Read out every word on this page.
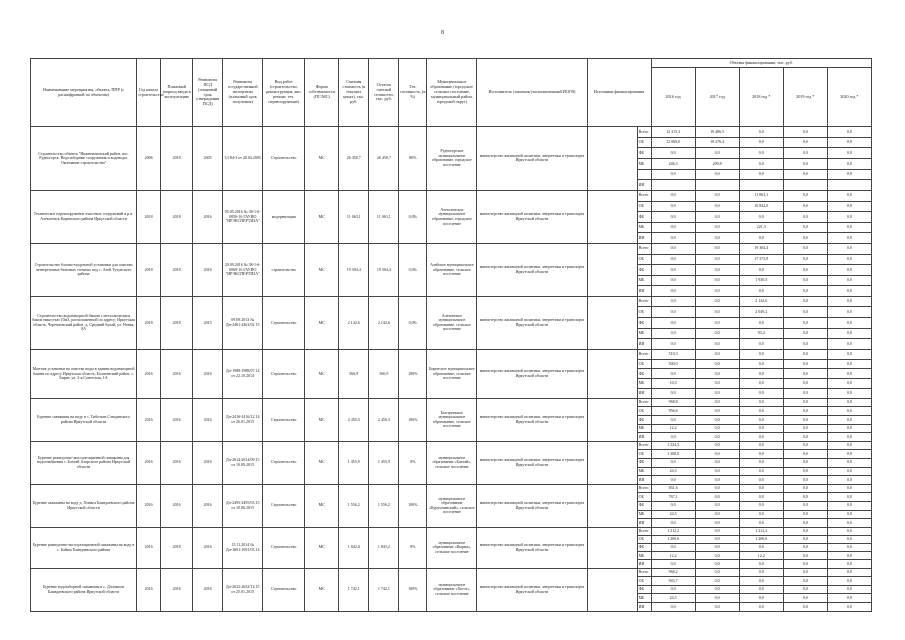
8
Наименование мероприятия, объекта, ППР (с расшифровкой по объектам)	Год начала строительства	Плановый (период ввода в эксплуатацию	Реквизиты ПСД (плановый срок утверждения ПСД)	Реквизиты государственной экспертизы (плановый срок получения)	Вид работ (строительство, реконструкция, кап. ремонт, тех. перевооружение)	Форма собственности (ПС/МС)	Сметная стоимость (в текущих ценах), тыс. руб.	Остаток сметной стоимости, тыс. руб.	Тех. готовность, (в %)	Муниципальное образование (городское/сельское поселение, муниципальный район, городской округ)	Исполнитель (заказчик/уполномоченный ИОГВ)	Источники финансирования		Объемы финансирования, тыс. руб.				
														2016 год	2017 год	2018 год *	2019 год *	2020 год *
Строительство объекта "Нижнеилимский район, пос. Рудногорск. Водозаборные сооружения и водоводы. Окончание строительства"	2006	2018	2005	3-184-3 от 20.04.2005	Строительство	МС	26 450,7	26 450,7	80%	Рудногорское муниципальное образование, городское поселение	министерство жилищной политики, энергетики и транспорта Иркутской области		Всего	12 315,3	10 486,5	0,0	0,0	0,0
													ОБ	12 069,0	10 276,4	0,0	0,0	0,0
													ФБ	0,0	0,0	0,0	0,0	0,0
													МБ	246,3	209,8	0,0	0,0	0,0
														0,0	0,0	0,0	0,0	0,0
													ИИ					
Техническое перевооружение очистных сооружений в р.п. Алексеевск Киренского района Иркутской области	2018	2018	2016	05.05.2016 № 38-1-6-0050-16 ГАУИО "ИРЭКСПЕРТИЗА"	модернизация	МС	11 063,1	11 063,1	0,0%	Алексеевское муниципальное образование, городское поселение	министерство жилищной политики, энергетики и транспорта Иркутской области		Всего	0,0	0,0	11 063,1	0,0	0,0
													ОБ	0,0	0,0	10 842,0	0,0	0,0
													ФБ	0,0	0,0	0,0	0,0	0,0
													МБ	0,0	0,0	221,3	0,0	0,0
													ИИ	0,0	0,0	0,0	0,0	0,0
Строительство блочно-модульной установки для очистки четвертичных-бытовых сточных вод с. Азей Тулунского района	2018	2018	2016	20.09.2016 № 38-1-6-0069-16 ГАУИО "ИРЭКСПЕРТИЗА"	строительство	МС	19 304,4	19 304,4	0,0%	Азейское муниципальное образование, сельское поселение	министерство жилищной политики, энергетики и транспорта Иркутской области		Всего	0,0	0,0	19 304,4	0,0	0,0
													ОБ	0,0	0,0	17 373,9	0,0	0,0
													ФБ	0,0	0,0	0,0	0,0	0,0
													МБ	0,0	0,0	1 930,5	0,0	0,0
													ИИ	0,0	0,0	0,0	0,0	0,0
Строительство водонапорной башни с металлическим баком емкостью 10м3, расположенной по адресу: Иркутская область, Черемховский район, д. Средний Булай, ул. Новая, 8А	2018	2018	2015	09.09.2013 № Дн-2461-2461/02 15	Строительство	МС	2 142,6	2 142,6	0,0%	Алехинское муниципальное образование, сельское поселение	министерство жилищной политики, энергетики и транспорта Иркутской области		Всего	0,0	0,0	2 142,6	0,0	0,0
													ОБ	0,0	0,0	2 049,2	0,0	0,0
													ФБ	0,0	0,0	0,0	0,0	0,0
													МБ	0,0	0,0	93,4	0,0	0,0
													ИИ	0,0	0,0	0,0	0,0	0,0
Монтаж установки по очистке воды в здании водонапорной башни по адресу Иркутская область, Балаганский район, с. Бирит, ул. 2-я Советская, 1А	2016	2016	2016	Дп-1988-1988/07.14 от 22.10.2014	Строительство	МС	566,9	566,9	100%	Биритское муниципальное образование, сельское поселение	министерство жилищной политики, энергетики и транспорта Иркутской области		Всего	510,3	0,0	0,0	0,0	0,0
													ОБ	500,0	0,0	0,0	0,0	0,0
													ФБ	0,0	0,0	0,0	0,0	0,0
													МБ	10,3	0,0	0,0	0,0	0,0
													ИИ	0,0	0,0	0,0	0,0	0,0
Бурение скважины на воду в с. Тибельти Слюдянского района Иркутской области	2016	2016	2016	Дп-2416-2416/12.14 от 26.01.2015	Строительство	МС	2 450,3	2 450,3	100%	Быстринское муниципальное образование, сельское поселение	министерство жилищной политики, энергетики и транспорта Иркутской области		Всего	968,8	0,0	0,0	0,0	0,0
													ОБ	956,6	0,0	0,0	0,0	0,0
													ФБ	0,0	0,0	0,0	0,0	0,0
													МБ	12,2	0,0	0,0	0,0	0,0
													ИИ	0,0	0,0	0,0	0,0	0,0
Бурение разведочно-эксплуатационной скважины для водоснабжения с. Бахтай Аларского района Иркутской области	2016	2016	2016	Дп-2614-2614/09.15 от 10.09.2015	Строительство	МС	1 455,9	1 455,9	0%	муниципальное образование «Бахтай», сельское поселение	министерство жилищной политики, энергетики и транспорта Иркутской области		Всего	1 324,3	0,0	0,0	0,0	0,0
													ОБ	1 300,0	0,0	0,0	0,0	0,0
													ФБ	0,0	0,0	0,0	0,0	0,0
													МБ	24,3	0,0	0,0	0,0	0,0
													ИИ	0,0	0,0	0,0	0,0	0,0
Бурение скважины на воду д. Хиньга Баяндаевского района Иркутской области	2016	2016	2016	Дп-2495-2495/03.15 от 10.06.2015	Строительство	МС	1 556,2	1 556,2	100%	муниципальное образование «Курумчинский», сельское поселение	министерство жилищной политики, энергетики и транспорта Иркутской области		Всего	831,6	0,0	0,0	0,0	0,0
													ОБ	767,1	0,0	0,0	0,0	0,0
													ФБ	0,0	0,0	0,0	0,0	0,0
													МБ	24,5	0,0	0,0	0,0	0,0
													ИИ	0,0	0,0	0,0	0,0	0,0
Бурение разведочно-эксплуатационной скважины на воду в с. Байша Баяндаевского района	2016	2018	2016	15.11.2014 № Дп-1691-1691/03.14	Строительство	МС	1 842,0	1 843,2	0%	муниципальное образование «Кырма», сельское поселение	министерство жилищной политики, энергетики и транспорта Иркутской области		Всего	1 212,2	0,0	1 212,2	0,0	0,0
													ОБ	1 200,0	0,0	1 200,0	0,0	0,0
													ФБ	0,0	0,0	0,0	0,0	0,0
													МБ	12,2	0,0	12,2	0,0	0,0
													ИИ	0,0	0,0	0,0	0,0	0,0
Бурение водозаборной скважины в с. Дзонмоон Баяндаевского района Иркутской области	2016	2016	2016	Дп-2632-2632/12.15 от 25.01.2015	Строительство	МС	1 742,1	1 742,1	100%	муниципальное образование «Хогот», сельское поселение	министерство жилищной политики, энергетики и транспорта Иркутской области		Всего	968,2	0,0	0,0	0,0	0,0
													ОБ	943,7	0,0	0,0	0,0	0,0
													ФБ	0,0	0,0	0,0	0,0	0,0
													МБ	24,5	0,0	0,0	0,0	0,0
													ИИ	0,0	0,0	0,0	0,0	0,0
